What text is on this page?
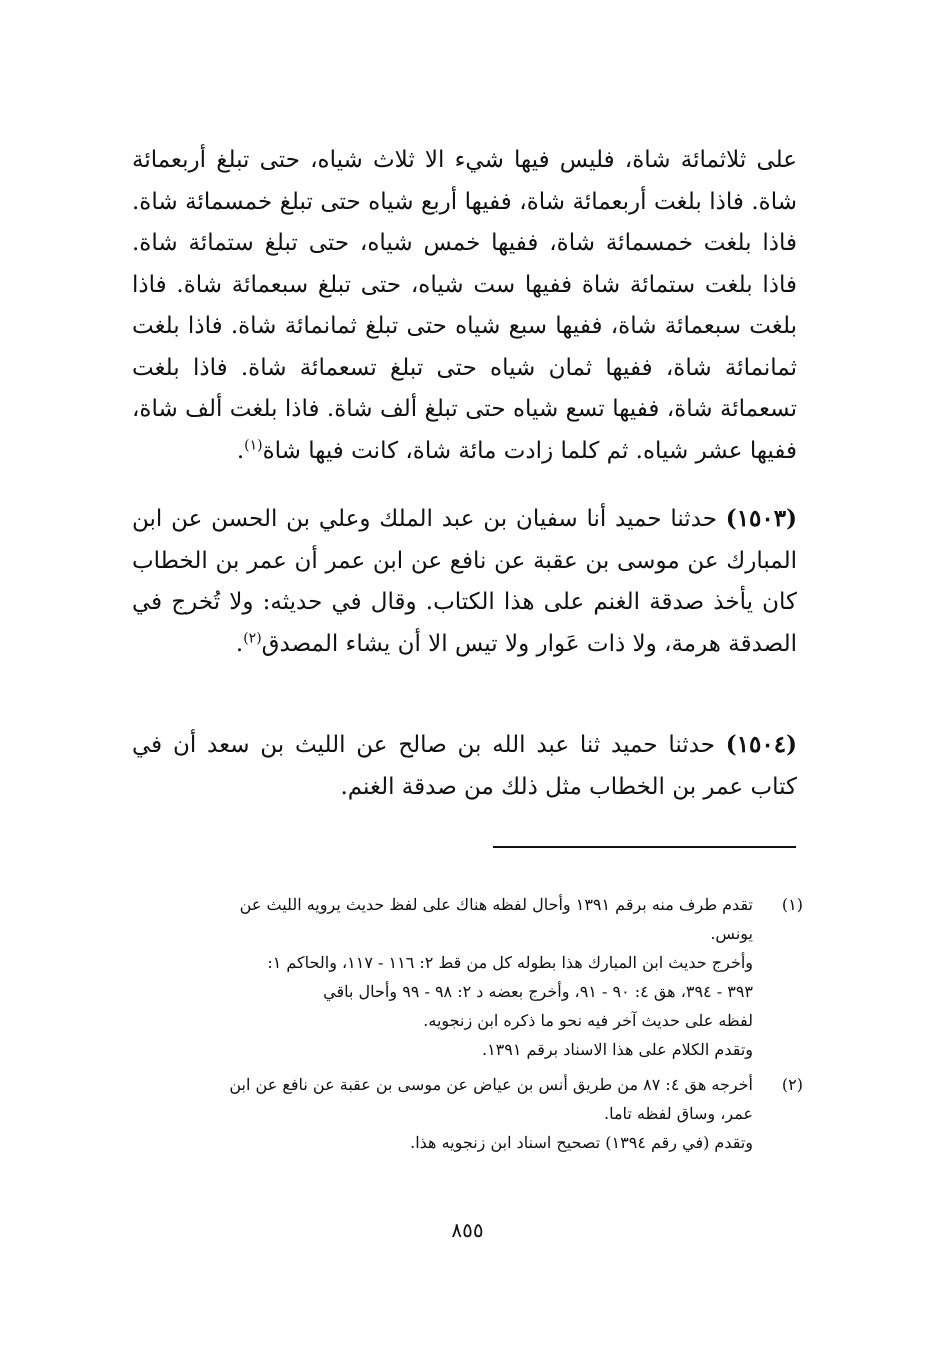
على ثلاثمائة شاة، فليس فيها شيء الا ثلاث شياه، حتى تبلغ أربعمائة شاة. فاذا بلغت أربعمائة شاة، ففيها أربع شياه حتى تبلغ خمسمائة شاة. فاذا بلغت خمسمائة شاة، ففيها خمس شياه، حتى تبلغ ستمائة شاة. فاذا بلغت ستمائة شاة ففيها ست شياه، حتى تبلغ سبعمائة شاة. فاذا بلغت سبعمائة شاة، ففيها سبع شياه حتى تبلغ ثمانمائة شاة. فاذا بلغت ثمانمائة شاة، ففيها ثمان شياه حتى تبلغ تسعمائة شاة. فاذا بلغت تسعمائة شاة، ففيها تسع شياه حتى تبلغ ألف شاة. فاذا بلغت ألف شاة، ففيها عشر شياه. ثم كلما زادت مائة شاة، كانت فيها شاة$^{(١)}$.

(١٥٠٣) حدثنا حميد أنا سفيان بن عبد الملك وعلي بن الحسن عن ابن المبارك عن موسى بن عقبة عن نافع عن ابن عمر أن عمر بن الخطاب كان يأخذ صدقة الغنم على هذا الكتاب. وقال في حديثه: ولا تُخرج في الصدقة هرمة، ولا ذات عَوار ولا تيس الا أن يشاء المصدق$^{(٢)}$.

(١٥٠٤) حدثنا حميد ثنا عبد الله بن صالح عن الليث بن سعد أن في كتاب عمر بن الخطاب مثل ذلك من صدقة الغنم.

(١)
تقدم طرف منه برقم ١٣٩١ وأحال لفظه هناك على لفظ حديث يرويه الليث عن
يونس.
وأخرج حديث ابن المبارك هذا بطوله كل من قط ٢: ١١٦ - ١١٧، والحاكم ١:
٣٩٣ - ٣٩٤، هق ٤: ٩٠ - ٩١، وأخرج بعضه د ٢: ٩٨ - ٩٩ وأحال باقي
لفظه على حديث آخر فيه نحو ما ذكره ابن زنجويه.
وتقدم الكلام على هذا الاسناد برقم ١٣٩١.
(٢)
أخرجه هق ٤: ٨٧ من طريق أنس بن عياض عن موسى بن عقبة عن نافع عن ابن
عمر، وساق لفظه تاما.
وتقدم (في رقم ١٣٩٤) تصحيح اسناد ابن زنجويه هذا.
٨٥٥
